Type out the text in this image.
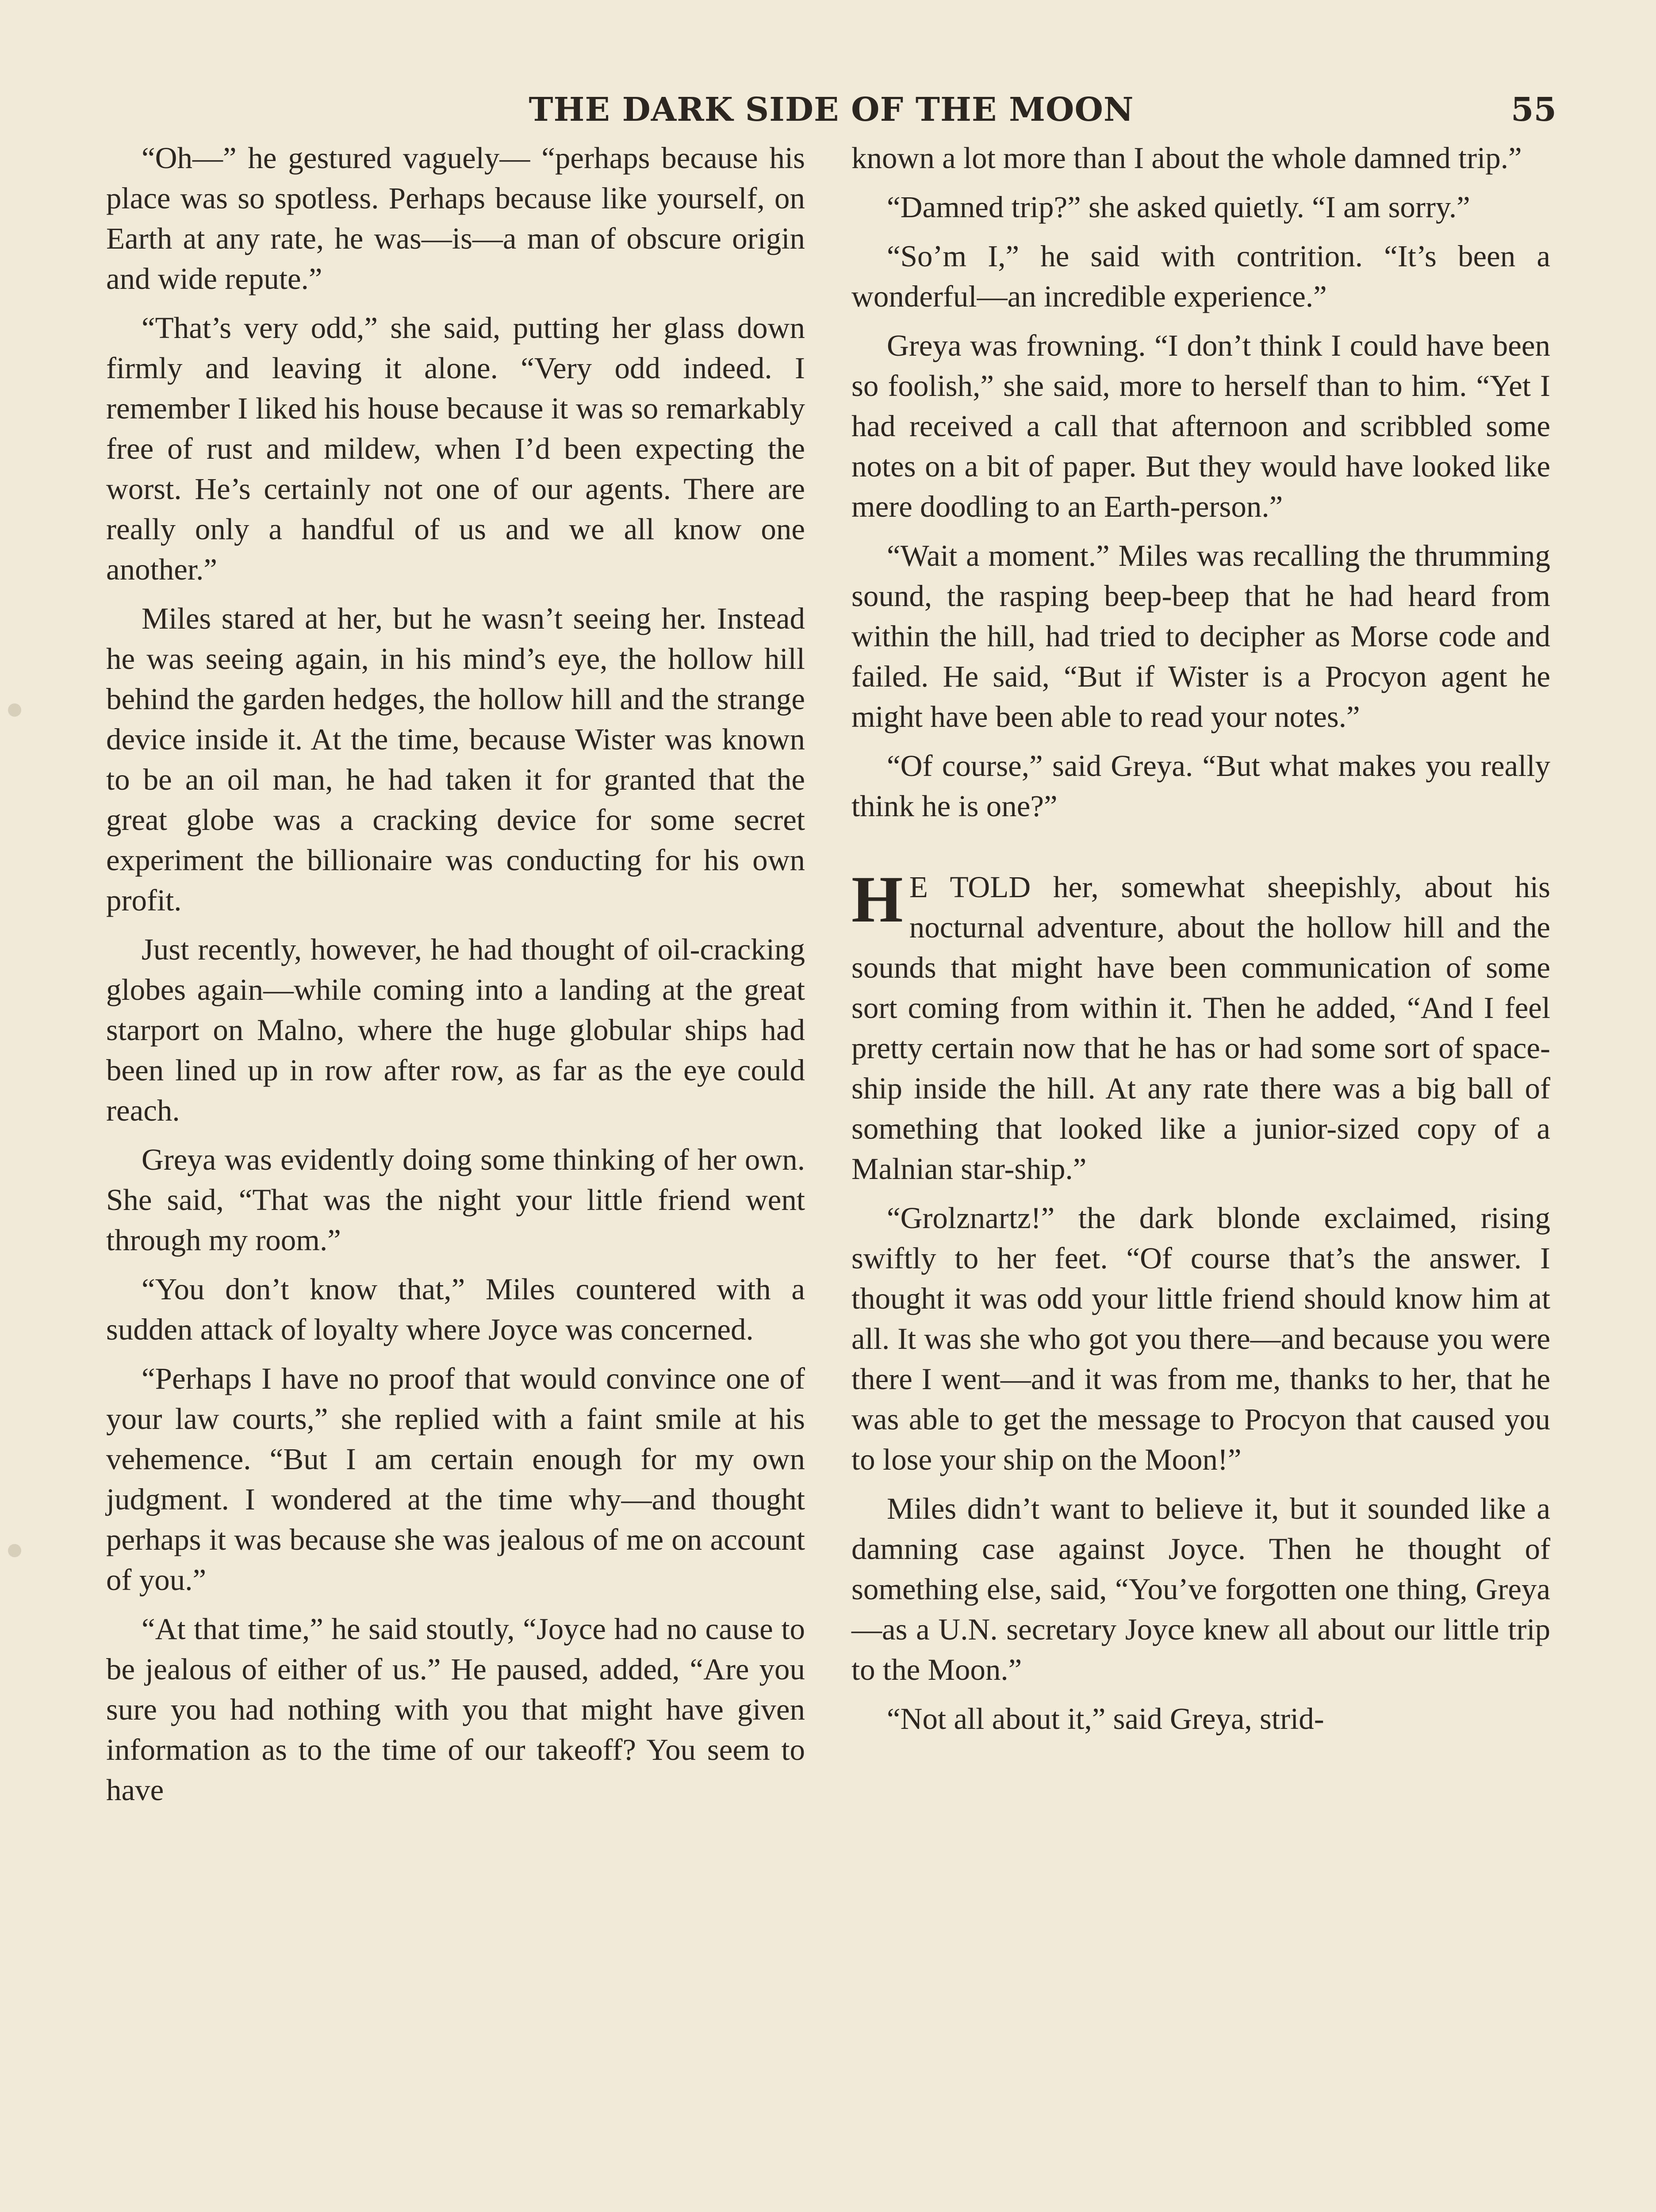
THE DARK SIDE OF THE MOON	55

“Oh—” he gestured vaguely— “perhaps because his place was so spotless. Perhaps because like yourself, on Earth at any rate, he was—is—a man of obscure origin and wide repute.”

“That’s very odd,” she said, putting her glass down firmly and leaving it alone. “Very odd indeed. I remember I liked his house because it was so remarkably free of rust and mildew, when I’d been expecting the worst. He’s certainly not one of our agents. There are really only a handful of us and we all know one another.”

Miles stared at her, but he wasn’t seeing her. Instead he was seeing again, in his mind’s eye, the hollow hill behind the garden hedges, the hollow hill and the strange device inside it. At the time, because Wister was known to be an oil man, he had taken it for granted that the great globe was a cracking device for some secret experiment the billionaire was conducting for his own profit.

Just recently, however, he had thought of oil-cracking globes again—while coming into a landing at the great starport on Malno, where the huge globular ships had been lined up in row after row, as far as the eye could reach.

Greya was evidently doing some thinking of her own. She said, “That was the night your little friend went through my room.”

“You don’t know that,” Miles countered with a sudden attack of loyalty where Joyce was concerned.

“Perhaps I have no proof that would convince one of your law courts,” she replied with a faint smile at his vehemence. “But I am certain enough for my own judgment. I wondered at the time why—and thought perhaps it was because she was jealous of me on account of you.”

“At that time,” he said stoutly, “Joyce had no cause to be jealous of either of us.” He paused, added, “Are you sure you had nothing with you that might have given information as to the time of our takeoff? You seem to have

known a lot more than I about the whole damned trip.”

“Damned trip?” she asked quietly. “I am sorry.”

“So’m I,” he said with contrition. “It’s been a wonderful—an incredible experience.”

Greya was frowning. “I don’t think I could have been so foolish,” she said, more to herself than to him. “Yet I had received a call that afternoon and scribbled some notes on a bit of paper. But they would have looked like mere doodling to an Earth-person.”

“Wait a moment.” Miles was recalling the thrumming sound, the rasping beep-beep that he had heard from within the hill, had tried to decipher as Morse code and failed. He said, “But if Wister is a Procyon agent he might have been able to read your notes.”

“Of course,” said Greya. “But what makes you really think he is one?”

H E TOLD her, somewhat sheepishly, about his nocturnal adventure, about the hollow hill and the sounds that might have been communication of some sort coming from within it. Then he added, “And I feel pretty certain now that he has or had some sort of space-ship inside the hill. At any rate there was a big ball of something that looked like a junior-sized copy of a Malnian star-ship.”

“Grolznartz!” the dark blonde exclaimed, rising swiftly to her feet. “Of course that’s the answer. I thought it was odd your little friend should know him at all. It was she who got you there—and because you were there I went—and it was from me, thanks to her, that he was able to get the message to Procyon that caused you to lose your ship on the Moon!”

Miles didn’t want to believe it, but it sounded like a damning case against Joyce. Then he thought of something else, said, “You’ve forgotten one thing, Greya—as a U.N. secretary Joyce knew all about our little trip to the Moon.”

“Not all about it,” said Greya, strid-
